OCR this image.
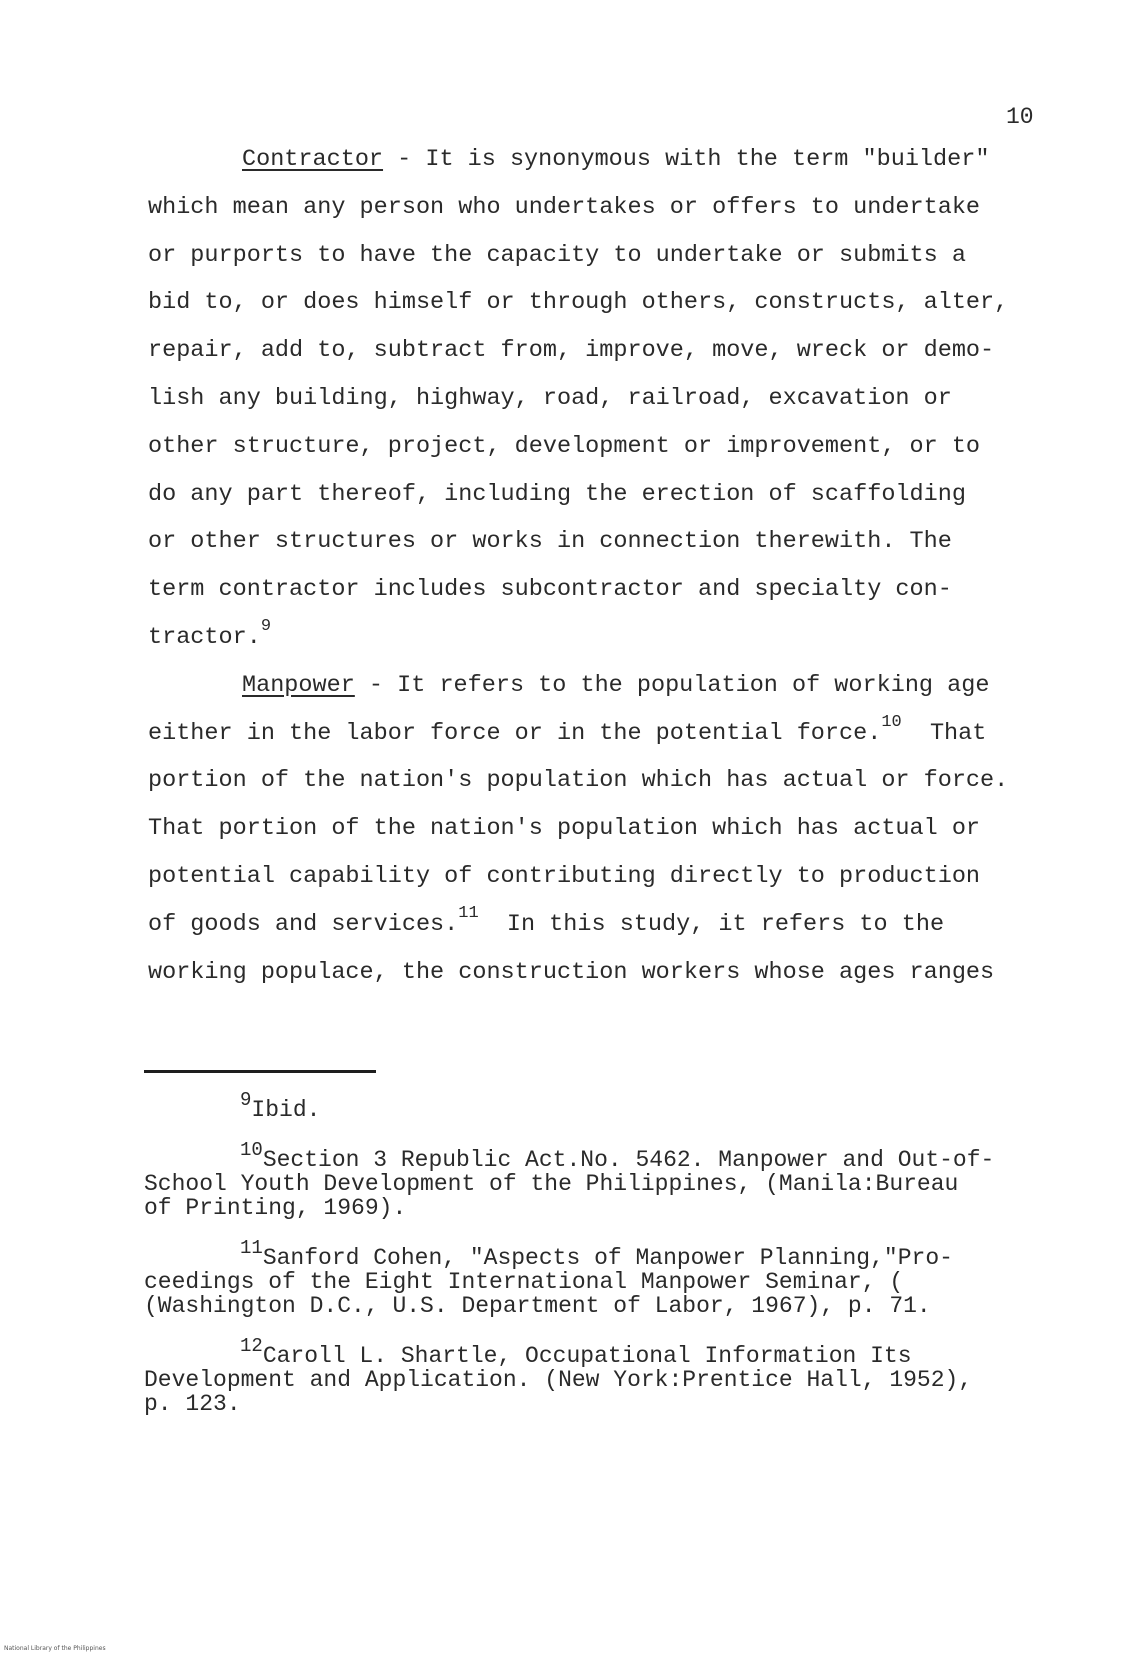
10
Contractor - It is synonymous with the term "builder"
which mean any person who undertakes or offers to undertake
or purports to have the capacity to undertake or submits a
bid to, or does himself or through others, constructs, alter,
repair, add to, subtract from, improve, move, wreck or demo-
lish any building, highway, road, railroad, excavation or
other structure, project, development or improvement, or to
do any part thereof, including the erection of scaffolding
or other structures or works in connection therewith. The
term contractor includes subcontractor and specialty con-
tractor.$^9$
Manpower - It refers to the population of working age
either in the labor force or in the potential force.$^{10}$  That
portion of the nation's population which has actual or force.
That portion of the nation's population which has actual or
potential capability of contributing directly to production
of goods and services.$^{11}$  In this study, it refers to the
working populace, the construction workers whose ages ranges
$^9$Ibid.
$^{10}$Section 3 Republic Act.No. 5462. Manpower and Out-of-
School Youth Development of the Philippines, (Manila:Bureau
of Printing, 1969).
$^{11}$Sanford Cohen, "Aspects of Manpower Planning,"Pro-
ceedings of the Eight International Manpower Seminar, (
(Washington D.C., U.S. Department of Labor, 1967), p. 71.
$^{12}$Caroll L. Shartle, Occupational Information Its
Development and Application. (New York:Prentice Hall, 1952),
p. 123.
National Library of the Philippines
